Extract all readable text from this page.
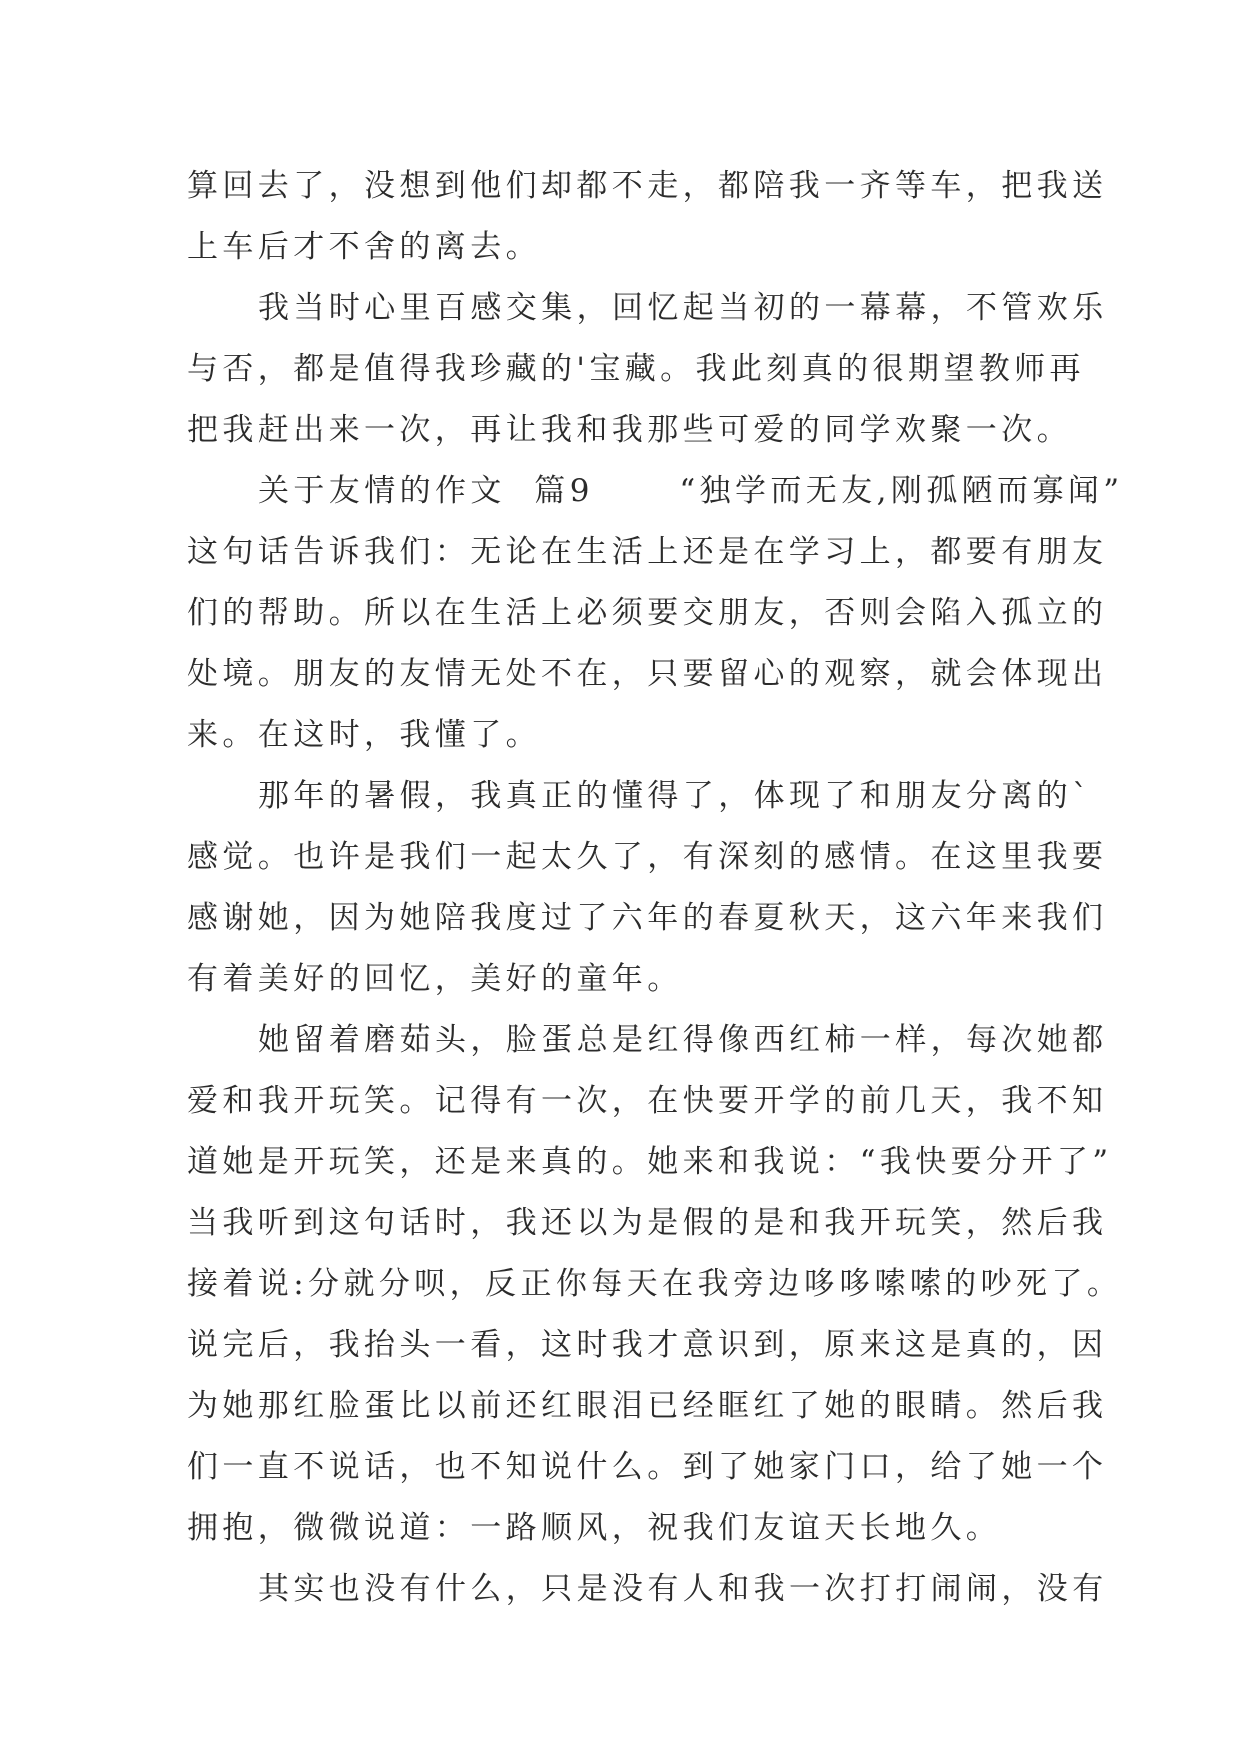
算回去了，没想到他们却都不走，都陪我一齐等车，把我送
上车后才不舍的离去。
我当时心里百感交集，回忆起当初的一幕幕，不管欢乐
与否，都是值得我珍藏的'宝藏。我此刻真的很期望教师再
把我赶出来一次，再让我和我那些可爱的同学欢聚一次。
关于友情的作文  篇9      “独学而无友,刚孤陋而寡闻”
这句话告诉我们：无论在生活上还是在学习上，都要有朋友
们的帮助。所以在生活上必须要交朋友，否则会陷入孤立的
处境。朋友的友情无处不在，只要留心的观察，就会体现出
来。在这时，我懂了。
那年的暑假，我真正的懂得了，体现了和朋友分离的`
感觉。也许是我们一起太久了，有深刻的感情。在这里我要
感谢她，因为她陪我度过了六年的春夏秋天，这六年来我们
有着美好的回忆，美好的童年。
她留着磨茹头，脸蛋总是红得像西红柿一样，每次她都
爱和我开玩笑。记得有一次，在快要开学的前几天，我不知
道她是开玩笑，还是来真的。她来和我说：“我快要分开了”
当我听到这句话时，我还以为是假的是和我开玩笑，然后我
接着说:分就分呗，反正你每天在我旁边哆哆嗦嗦的吵死了。
说完后，我抬头一看，这时我才意识到，原来这是真的，因
为她那红脸蛋比以前还红眼泪已经眶红了她的眼睛。然后我
们一直不说话，也不知说什么。到了她家门口，给了她一个
拥抱，微微说道：一路顺风，祝我们友谊天长地久。
其实也没有什么，只是没有人和我一次打打闹闹，没有
